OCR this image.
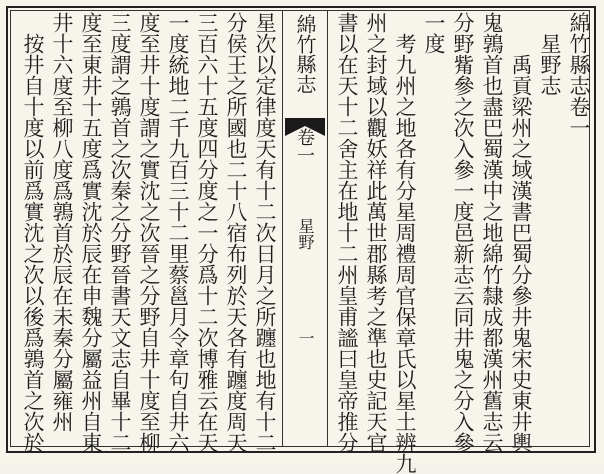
綿竹縣志卷一
　星野志
　　禹貢梁州之域漢書巴蜀分參井鬼宋史東井輿
鬼鶉首也盡巴蜀漢中之地綿竹隸成都漢州舊志云
分野觜參之次入參一度邑新志云同井鬼之分入參
一度
　考九州之地各有分星周禮周官保章氏以星土辨九
州之封域以觀妖祥此萬世郡縣考之準也史記天官
書以在天十二舍主在地十二州皇甫謐曰皇帝推分
綿竹縣志
卷一
星野
一
星次以定律度天有十二次日月之所躔也地有十二
分侯王之所國也二十八宿布列於天各有躔度周天
三百六十五度四分度之一分爲十二次博雅云在天
一度統地二千九百三十二里蔡邕月令章句自井六
度至井十度謂之實沈之次晉之分野自井十度至柳
三度謂之鶉首之次秦之分野晉書天文志自畢十二
度至東井十五度爲實沈於辰在申魏分屬益州自東
井十六度至柳八度爲鶉首於辰在未秦分屬雍州
　按井自十度以前爲實沈之次以後爲鶉首之次於
